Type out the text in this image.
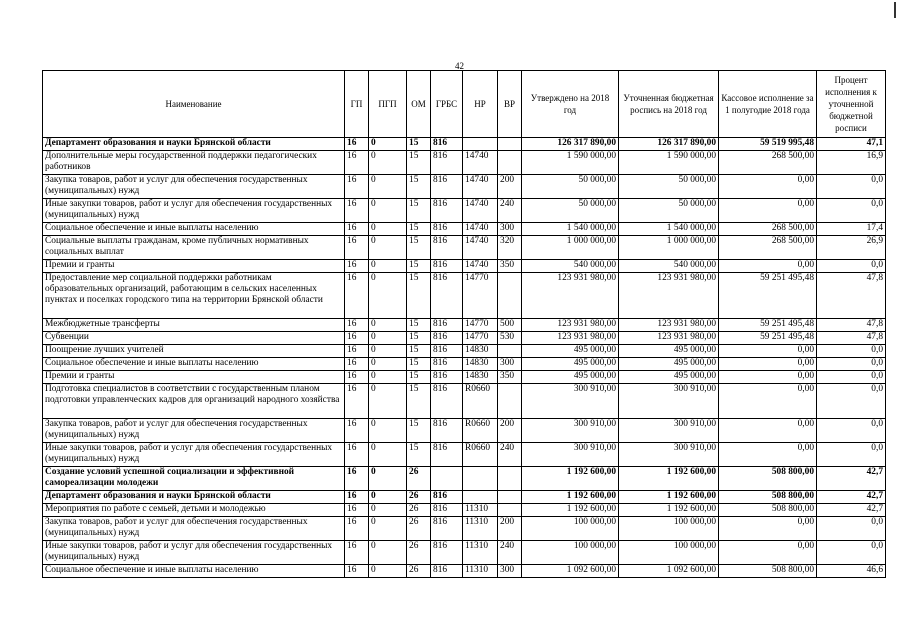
42
Наименование	ГП	ПГП	ОМ	ГРБС	НР	ВР	Утверждено на 2018 год	Уточненная бюджетная роспись на 2018 год	Кассовое исполнение за 1 полугодие 2018 года	Процент исполнения к уточненной бюджетной росписи
Департамент образования и науки Брянской области	16	0	15	816			126 317 890,00	126 317 890,00	59 519 995,48	47,1
Дополнительные меры государственной поддержки педагогических работников	16	0	15	816	14740		1 590 000,00	1 590 000,00	268 500,00	16,9
Закупка товаров, работ и услуг для обеспечения государственных (муниципальных) нужд	16	0	15	816	14740	200	50 000,00	50 000,00	0,00	0,0
Иные закупки товаров, работ и услуг для обеспечения государственных (муниципальных) нужд	16	0	15	816	14740	240	50 000,00	50 000,00	0,00	0,0
Социальное обеспечение и иные выплаты населению	16	0	15	816	14740	300	1 540 000,00	1 540 000,00	268 500,00	17,4
Социальные выплаты гражданам, кроме публичных нормативных социальных выплат	16	0	15	816	14740	320	1 000 000,00	1 000 000,00	268 500,00	26,9
Премии и гранты	16	0	15	816	14740	350	540 000,00	540 000,00	0,00	0,0
Предоставление мер социальной поддержки работникам образовательных организаций, работающим в сельских населенных пунктах и поселках городского типа на территории Брянской области	16	0	15	816	14770		123 931 980,00	123 931 980,00	59 251 495,48	47,8
Межбюджетные трансферты	16	0	15	816	14770	500	123 931 980,00	123 931 980,00	59 251 495,48	47,8
Субвенции	16	0	15	816	14770	530	123 931 980,00	123 931 980,00	59 251 495,48	47,8
Поощрение лучших учителей	16	0	15	816	14830		495 000,00	495 000,00	0,00	0,0
Социальное обеспечение и иные выплаты населению	16	0	15	816	14830	300	495 000,00	495 000,00	0,00	0,0
Премии и гранты	16	0	15	816	14830	350	495 000,00	495 000,00	0,00	0,0
Подготовка специалистов в соответствии с государственным планом подготовки управленческих кадров для организаций народного хозяйства	16	0	15	816	R0660		300 910,00	300 910,00	0,00	0,0
Закупка товаров, работ и услуг для обеспечения государственных (муниципальных) нужд	16	0	15	816	R0660	200	300 910,00	300 910,00	0,00	0,0
Иные закупки товаров, работ и услуг для обеспечения государственных (муниципальных) нужд	16	0	15	816	R0660	240	300 910,00	300 910,00	0,00	0,0
Создание условий успешной социализации и эффективной самореализации молодежи	16	0	26				1 192 600,00	1 192 600,00	508 800,00	42,7
Департамент образования и науки Брянской области	16	0	26	816			1 192 600,00	1 192 600,00	508 800,00	42,7
Мероприятия по работе с семьей, детьми и молодежью	16	0	26	816	11310		1 192 600,00	1 192 600,00	508 800,00	42,7
Закупка товаров, работ и услуг для обеспечения государственных (муниципальных) нужд	16	0	26	816	11310	200	100 000,00	100 000,00	0,00	0,0
Иные закупки товаров, работ и услуг для обеспечения государственных (муниципальных) нужд	16	0	26	816	11310	240	100 000,00	100 000,00	0,00	0,0
Социальное обеспечение и иные выплаты населению	16	0	26	816	11310	300	1 092 600,00	1 092 600,00	508 800,00	46,6
